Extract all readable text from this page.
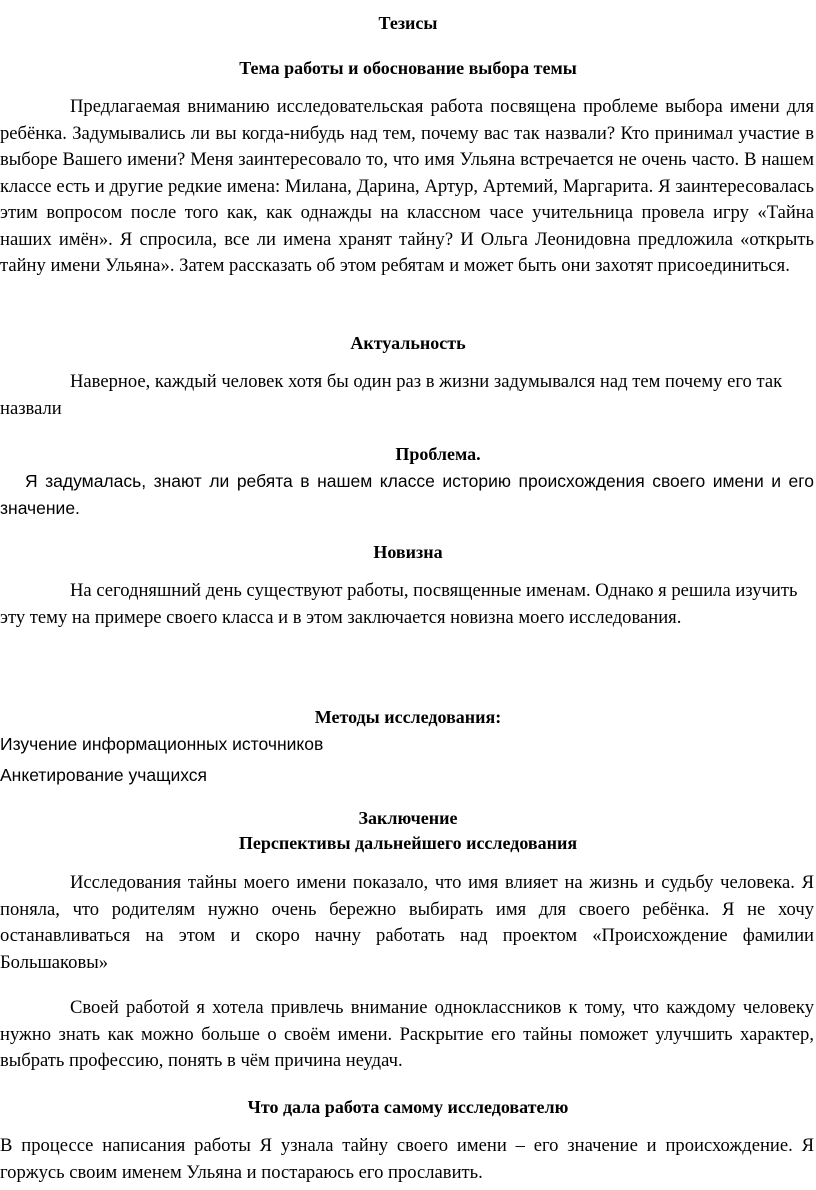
Тезисы
Тема работы и обоснование выбора темы

Предлагаемая вниманию исследовательская работа посвящена проблеме выбора имени для ребёнка. Задумывались ли вы когда-нибудь над тем, почему вас так назвали? Кто принимал участие в выборе Вашего имени? Меня заинтересовало то, что имя Ульяна встречается не очень часто. В нашем классе есть и другие редкие имена: Милана, Дарина, Артур, Артемий, Маргарита. Я заинтересовалась этим вопросом после того как, как однажды на классном часе учительница провела игру «Тайна наших имён». Я спросила, все ли имена хранят тайну? И Ольга Леонидовна предложила «открыть тайну имени Ульяна». Затем рассказать об этом ребятам и может быть они захотят присоединиться.

Актуальность

Наверное, каждый человек хотя бы один раз в жизни задумывался над тем почему его так назвали

Проблема.

Я задумалась, знают ли ребята в нашем классе историю происхождения своего имени и его значение.

Новизна

На сегодняшний день существуют работы, посвященные именам. Однако я решила изучить эту тему на примере своего класса и в этом заключается новизна моего исследования.

Методы исследования:

Изучение информационных источников

Анкетирование учащихся

Заключение
Перспективы дальнейшего исследования

Исследования тайны моего имени показало, что имя влияет на жизнь и судьбу человека. Я поняла, что родителям нужно очень бережно выбирать имя для своего ребёнка. Я не хочу останавливаться на этом и скоро начну работать над проектом «Происхождение фамилии Большаковы»

Своей работой я хотела привлечь внимание одноклассников к тому, что каждому человеку нужно знать как можно больше о своём имени. Раскрытие его тайны поможет улучшить характер, выбрать профессию, понять в чём причина неудач.

Что дала работа самому исследователю

В процессе написания работы Я узнала тайну своего имени – его значение и происхождение. Я горжусь своим именем Ульяна и постараюсь его прославить.
